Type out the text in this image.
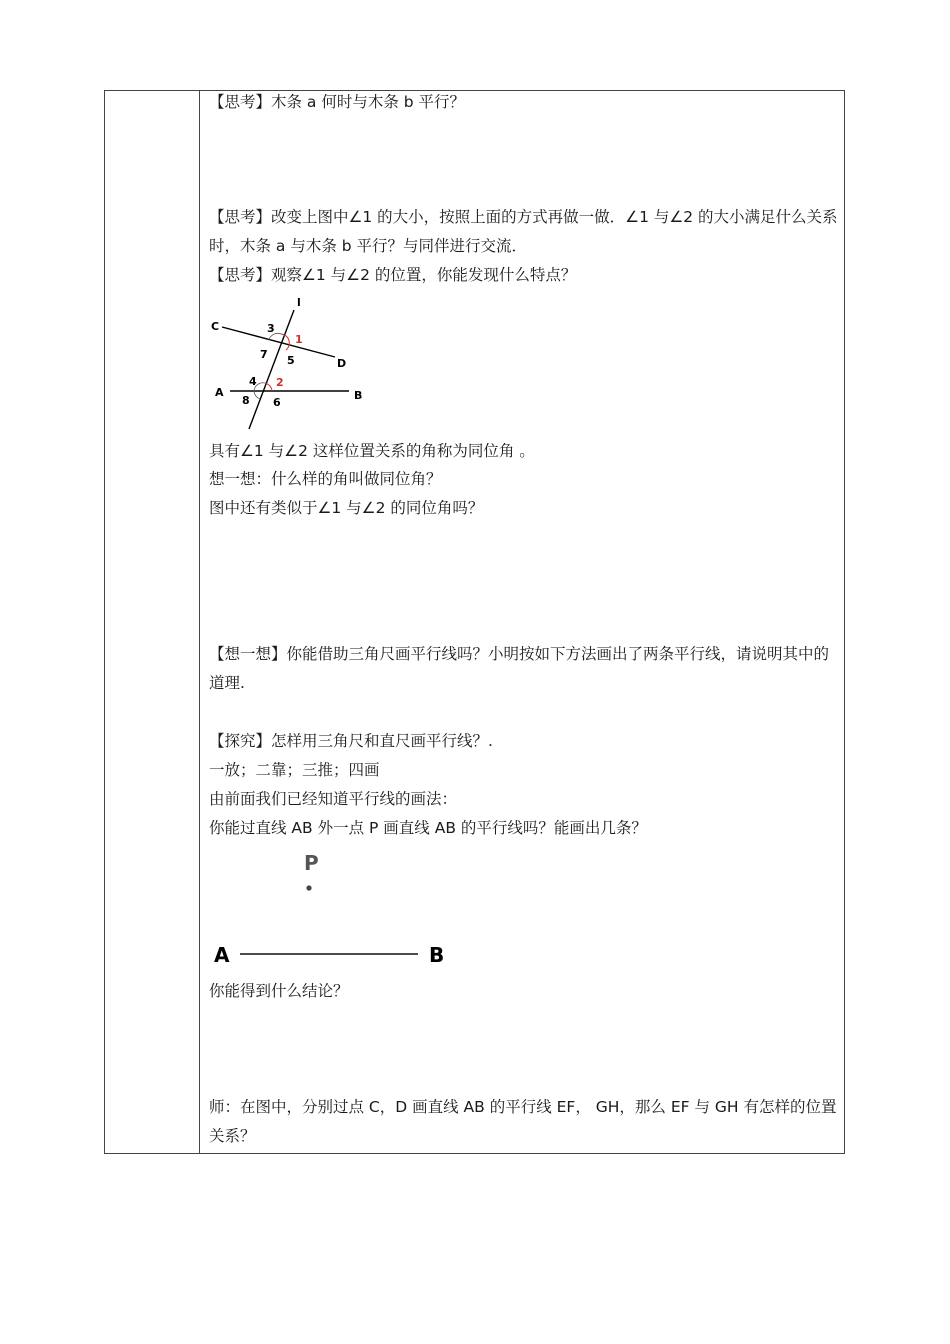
【思考】木条 a 何时与木条 b 平行？
【思考】改变上图中∠1 的大小，按照上面的方式再做一做．∠1 与∠2 的大小满足什么关系时，木条 a 与木条 b 平行？与同伴进行交流．
【思考】观察∠1 与∠2 的位置，你能发现什么特点？
l
C
D
A	B
1
2
3
4
5
6
7
8
具有∠1 与∠2 这样位置关系的角称为同位角 。
想一想：什么样的角叫做同位角？
图中还有类似于∠1 与∠2 的同位角吗？
【想一想】你能借助三角尺画平行线吗？小明按如下方法画出了两条平行线，请说明其中的道理.
【探究】怎样用三角尺和直尺画平行线？.
一放；二靠；三推；四画
由前面我们已经知道平行线的画法：
你能过直线 AB 外一点 P 画直线 AB 的平行线吗？能画出几条？
P
A	B
你能得到什么结论？
师：在图中，分别过点 C，D 画直线 AB 的平行线 EF， GH，那么 EF 与 GH 有怎样的位置关系？
